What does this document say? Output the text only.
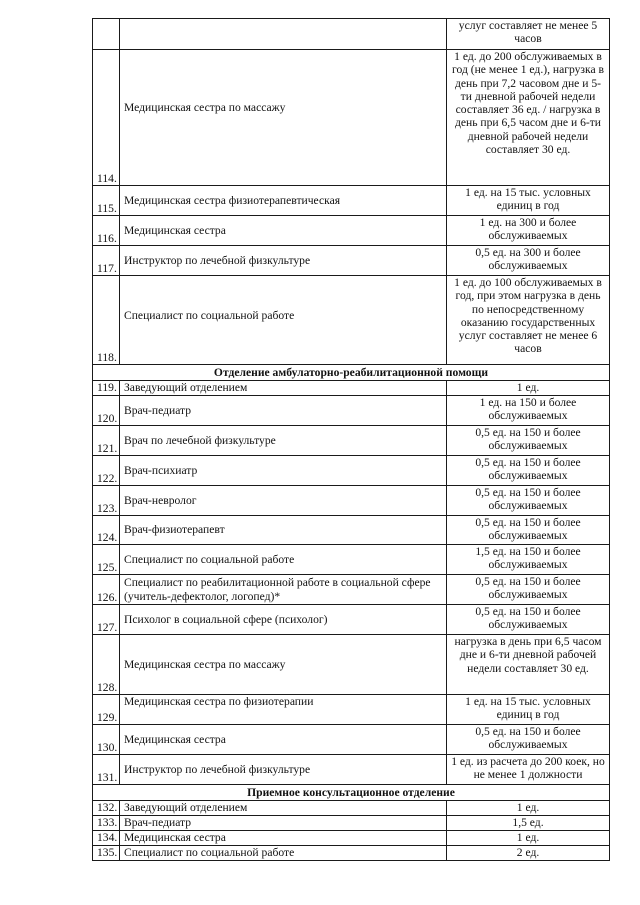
		услуг составляет не менее 5 часов
114.	Медицинская сестра по массажу	1 ед. до 200 обслуживаемых в год (не менее 1 ед.), нагрузка в день при 7,2 часовом дне и 5-ти дневной рабочей недели составляет 36 ед. / нагрузка в день при 6,5 часом дне и 6-ти дневной рабочей недели составляет 30 ед.
115.	Медицинская сестра физиотерапевтическая	1 ед. на 15 тыс. условных единиц в год
116.	Медицинская сестра	1 ед. на 300 и более обслуживаемых
117.	Инструктор по лечебной физкультуре	0,5 ед. на 300 и более обслуживаемых
118.	Специалист по социальной работе	1 ед. до 100 обслуживаемых в год, при этом нагрузка в день по непосредственному оказанию государственных услуг составляет не менее 6 часов
Отделение амбулаторно-реабилитационной помощи		
119.	Заведующий отделением	1 ед.
120.	Врач-педиатр	1 ед. на 150 и более обслуживаемых
121.	Врач по лечебной физкультуре	0,5 ед. на 150 и более обслуживаемых
122.	Врач-психиатр	0,5 ед. на 150 и более обслуживаемых
123.	Врач-невролог	0,5 ед. на 150 и более обслуживаемых
124.	Врач-физиотерапевт	0,5 ед. на 150 и более обслуживаемых
125.	Специалист по социальной работе	1,5 ед. на 150 и более обслуживаемых
126.	Специалист по реабилитационной работе в социальной сфере (учитель-дефектолог, логопед)*	0,5 ед. на 150 и более обслуживаемых
127.	Психолог в социальной сфере (психолог)	0,5 ед. на 150 и более обслуживаемых
128.	Медицинская сестра по массажу	нагрузка в день при 6,5 часом дне и 6-ти дневной рабочей недели составляет 30 ед.
129.	Медицинская сестра по физиотерапии	1 ед. на 15 тыс. условных единиц в год
130.	Медицинская сестра	0,5 ед. на 150 и более обслуживаемых
131.	Инструктор по лечебной физкультуре	1 ед. из расчета до 200 коек, но не менее 1 должности
Приемное консультационное отделение		
132.	Заведующий отделением	1 ед.
133.	Врач-педиатр	1,5 ед.
134.	Медицинская сестра	1 ед.
135.	Специалист по социальной работе	2 ед.
